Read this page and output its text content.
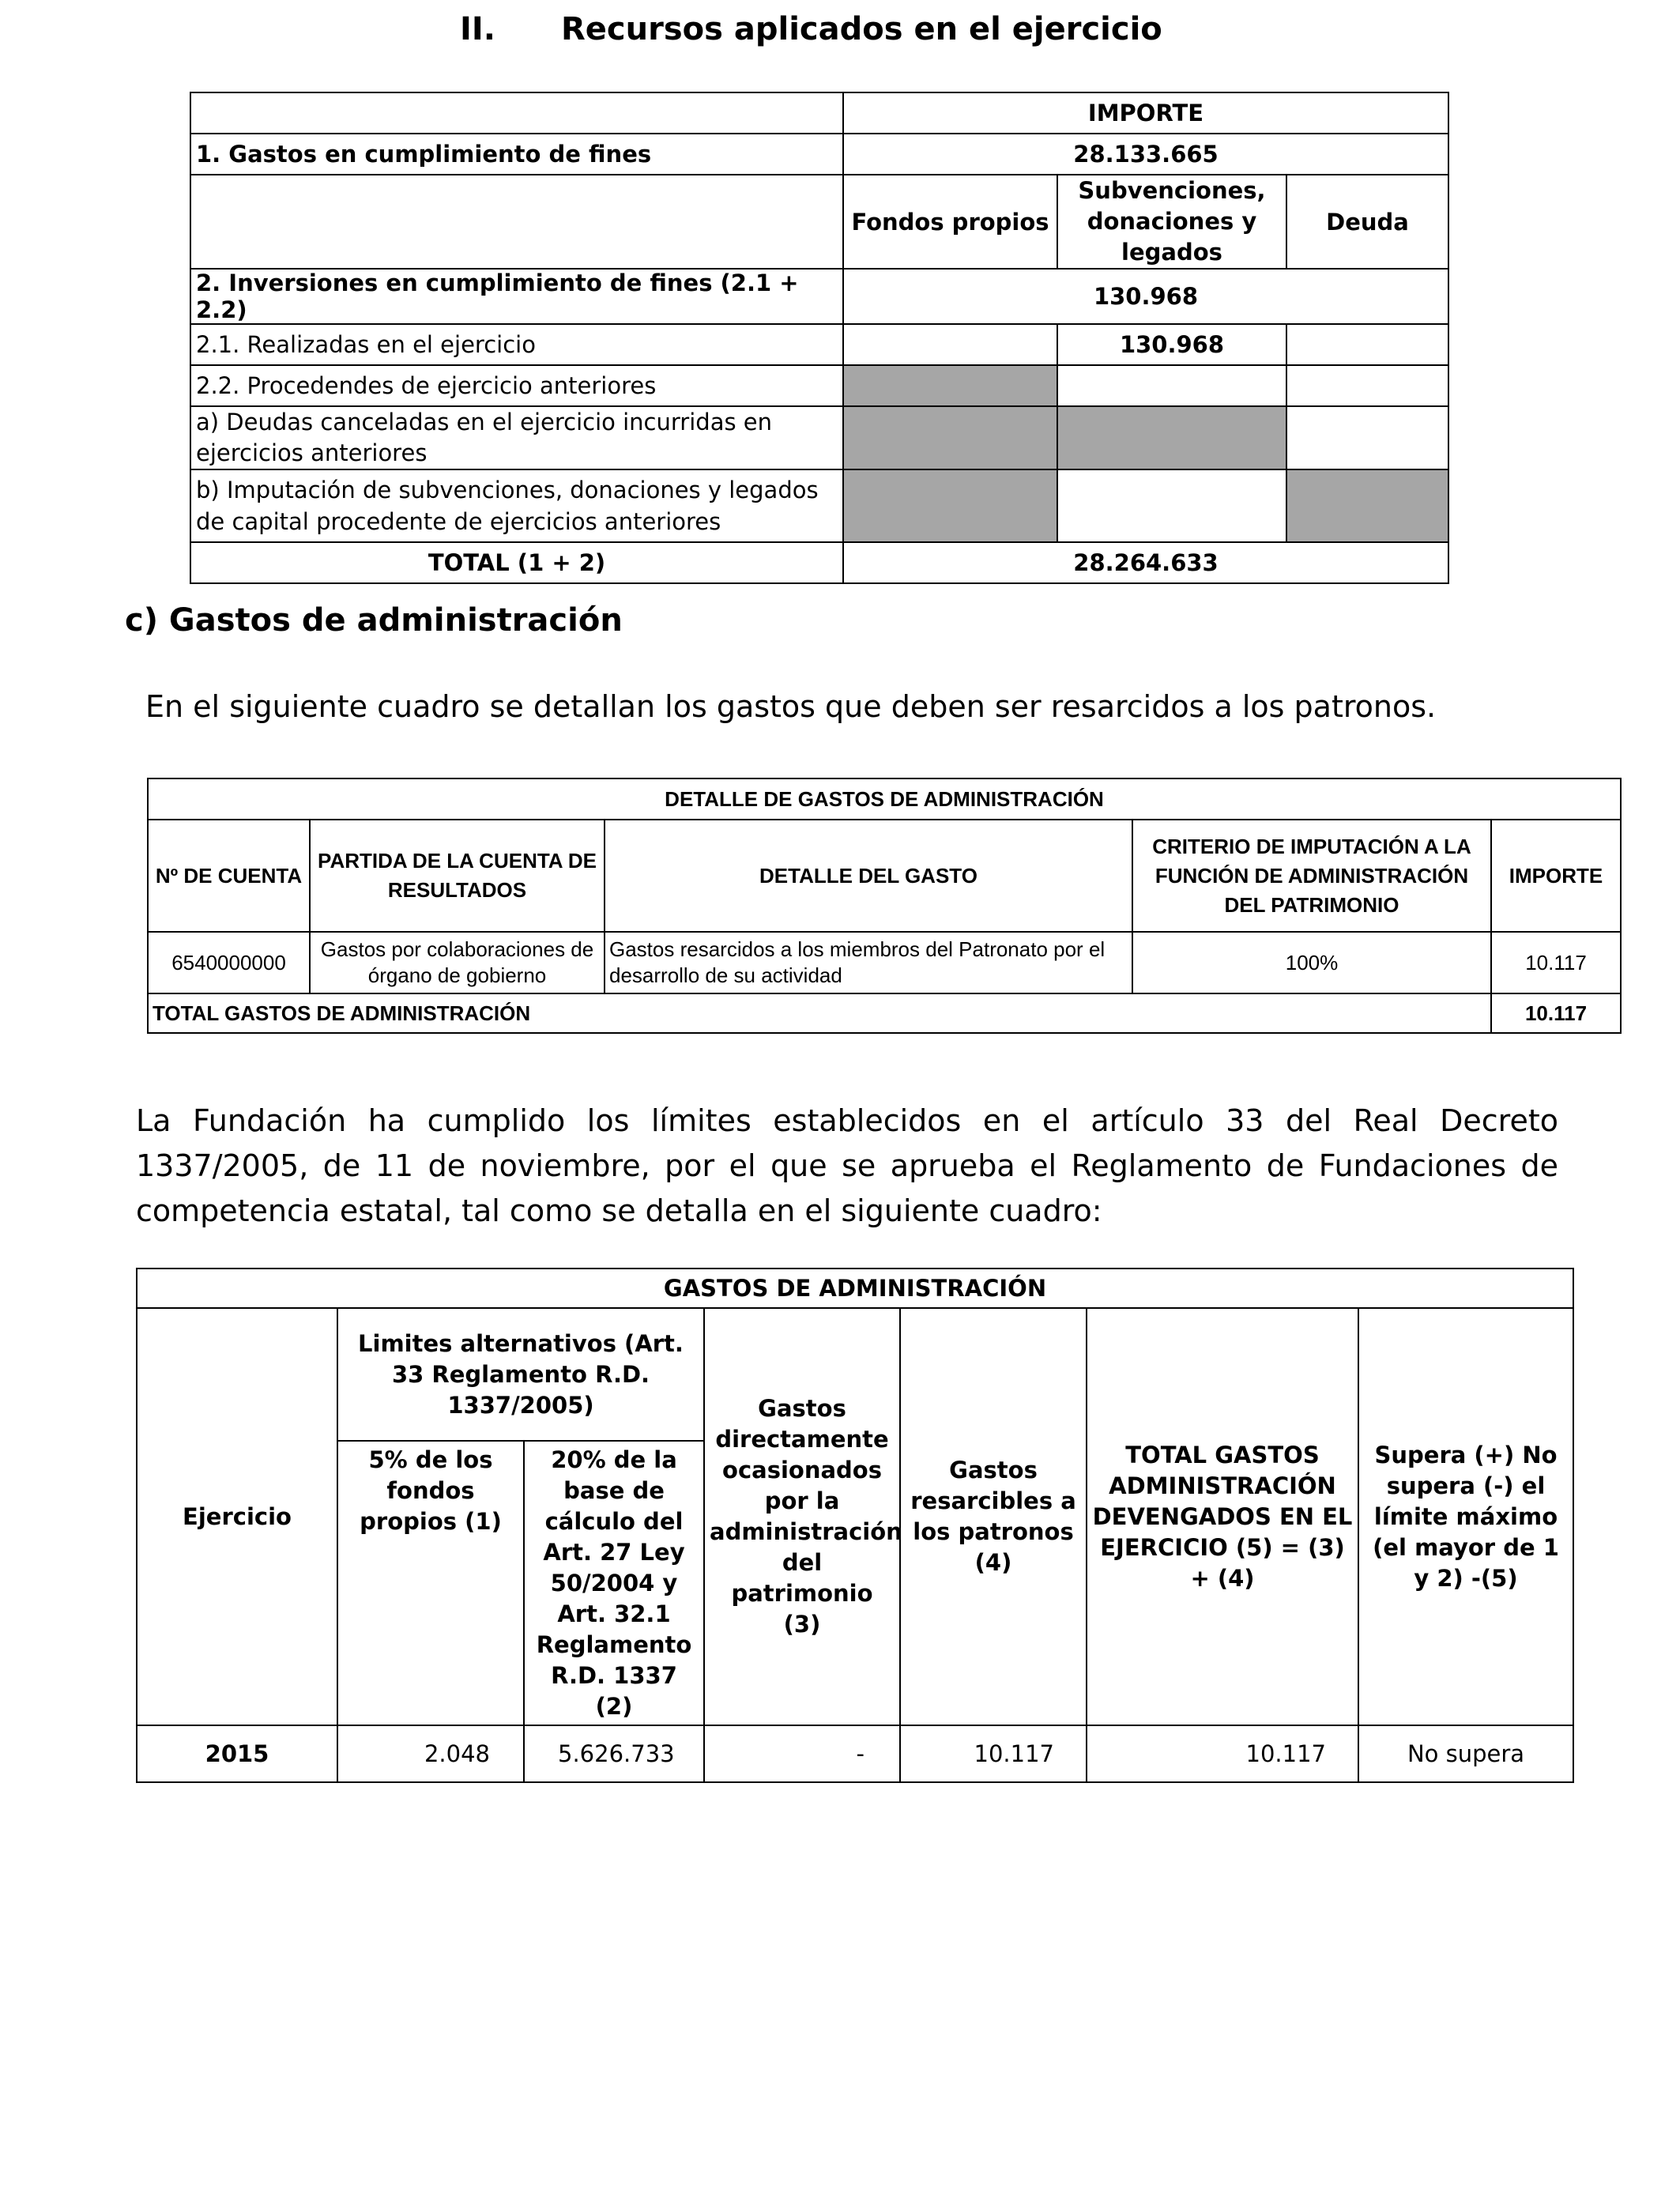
II. Recursos aplicados en el ejercicio
	IMPORTE		
1. Gastos en cumplimiento de fines	28.133.665		
	Fondos propios	Subvenciones, donaciones y legados	Deuda
2. Inversiones en cumplimiento de fines (2.1 + 2.2)	130.968		
2.1. Realizadas en el ejercicio		130.968	
2.2. Procedendes de ejercicio anteriores			
a) Deudas canceladas en el ejercicio incurridas en ejercicios anteriores			
b) Imputación de subvenciones, donaciones y legados de capital procedente de ejercicios anteriores			
TOTAL (1 + 2)	28.264.633		
c) Gastos de administración
En el siguiente cuadro se detallan los gastos que deben ser resarcidos a los patronos.
DETALLE DE GASTOS DE ADMINISTRACIÓN				
Nº DE CUENTA	PARTIDA DE LA CUENTA DE RESULTADOS	DETALLE DEL GASTO	CRITERIO DE IMPUTACIÓN A LA FUNCIÓN DE ADMINISTRACIÓN DEL PATRIMONIO	IMPORTE
6540000000	Gastos por colaboraciones de órgano de gobierno	Gastos resarcidos a los miembros del Patronato por el desarrollo de su actividad	100%	10.117
TOTAL GASTOS DE ADMINISTRACIÓN				10.117
La Fundación ha cumplido los límites establecidos en el artículo 33 del Real Decreto 1337/2005, de 11 de noviembre, por el que se aprueba el Reglamento de Fundaciones de competencia estatal, tal como se detalla en el siguiente cuadro:
GASTOS DE ADMINISTRACIÓN						
Ejercicio	Limites alternativos (Art. 33 Reglamento R.D. 1337/2005)		Gastos directamente ocasionados por la administración del patrimonio (3)	Gastos resarcibles a los patronos (4)	TOTAL GASTOS ADMINISTRACIÓN DEVENGADOS EN EL EJERCICIO (5) = (3) + (4)	Supera (+) No supera (-) el límite máximo (el mayor de 1 y 2) -(5)
	5% de los fondos propios (1)	20% de la base de cálculo del Art. 27 Ley 50/2004 y Art. 32.1 Reglamento R.D. 1337 (2)				
2015	2.048	5.626.733	-	10.117	10.117	No supera
